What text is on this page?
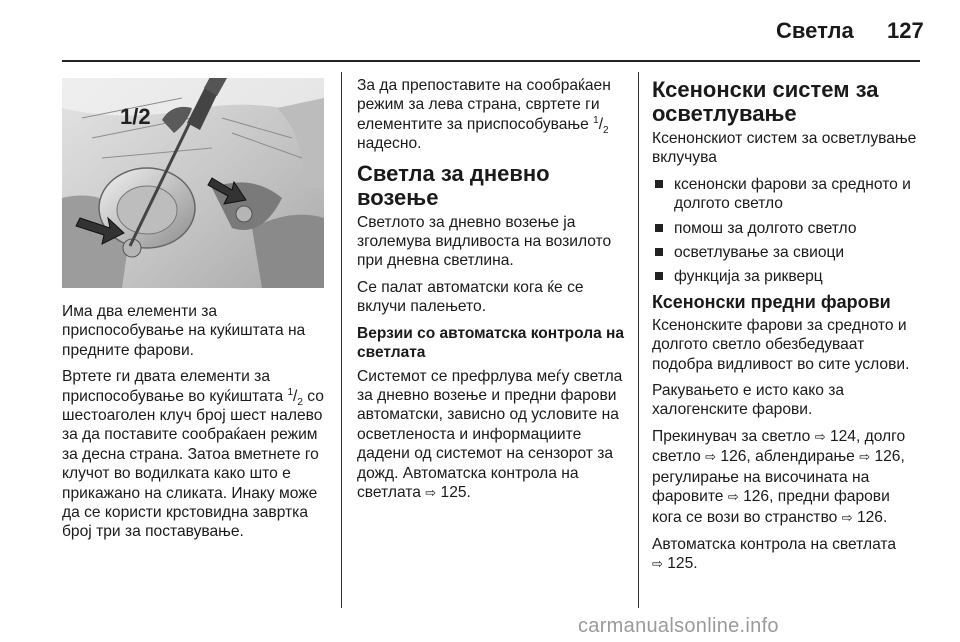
Светла 127
1/2

Има два елементи за приспособување на куќиштата на предните фарови.

Вртете ги двата елементи за приспособување во куќиштата $^1/_2$ со шестоаголен клуч број шест налево за да поставите сообраќаен режим за десна страна. Затоа вметнете го клучот во водилката како што е прикажано на сликата. Инаку може да се користи крстовидна завртка број три за поставување.

За да препоставите на сообраќаен режим за лева страна, свртете ги елементите за приспособување $^1/_2$ надесно.

Светла за дневно возење

Светлото за дневно возење ја зголемува видливоста на возилото при дневна светлина.

Се палат автоматски кога ќе се вклучи палењето.

Верзии со автоматска контрола на светлата

Системот се префрлува меѓу светла за дневно возење и предни фарови автоматски, зависно од условите на осветленоста и информациите дадени од системот на сензорот за дожд. Автоматска контрола на светлата ⇨ 125.

Ксенонски систем за осветлување

Ксенонскиот систем за осветлување вклучува

ксенонски фарови за средното и долгото светло
помош за долгото светло
осветлување за свиоци
функција за рикверц
Ксенонски предни фарови

Ксенонските фарови за средното и долгото светло обезбедуваат подобра видливост во сите услови.

Ракувањето е исто како за халогенските фарови.

Прекинувач за светло ⇨ 124, долго светло ⇨ 126, аблендирање ⇨ 126, регулирање на височината на фаровите ⇨ 126, предни фарови кога се вози во странство ⇨ 126.

Автоматска контрола на светлата
⇨ 125.

carmanualsonline.info
